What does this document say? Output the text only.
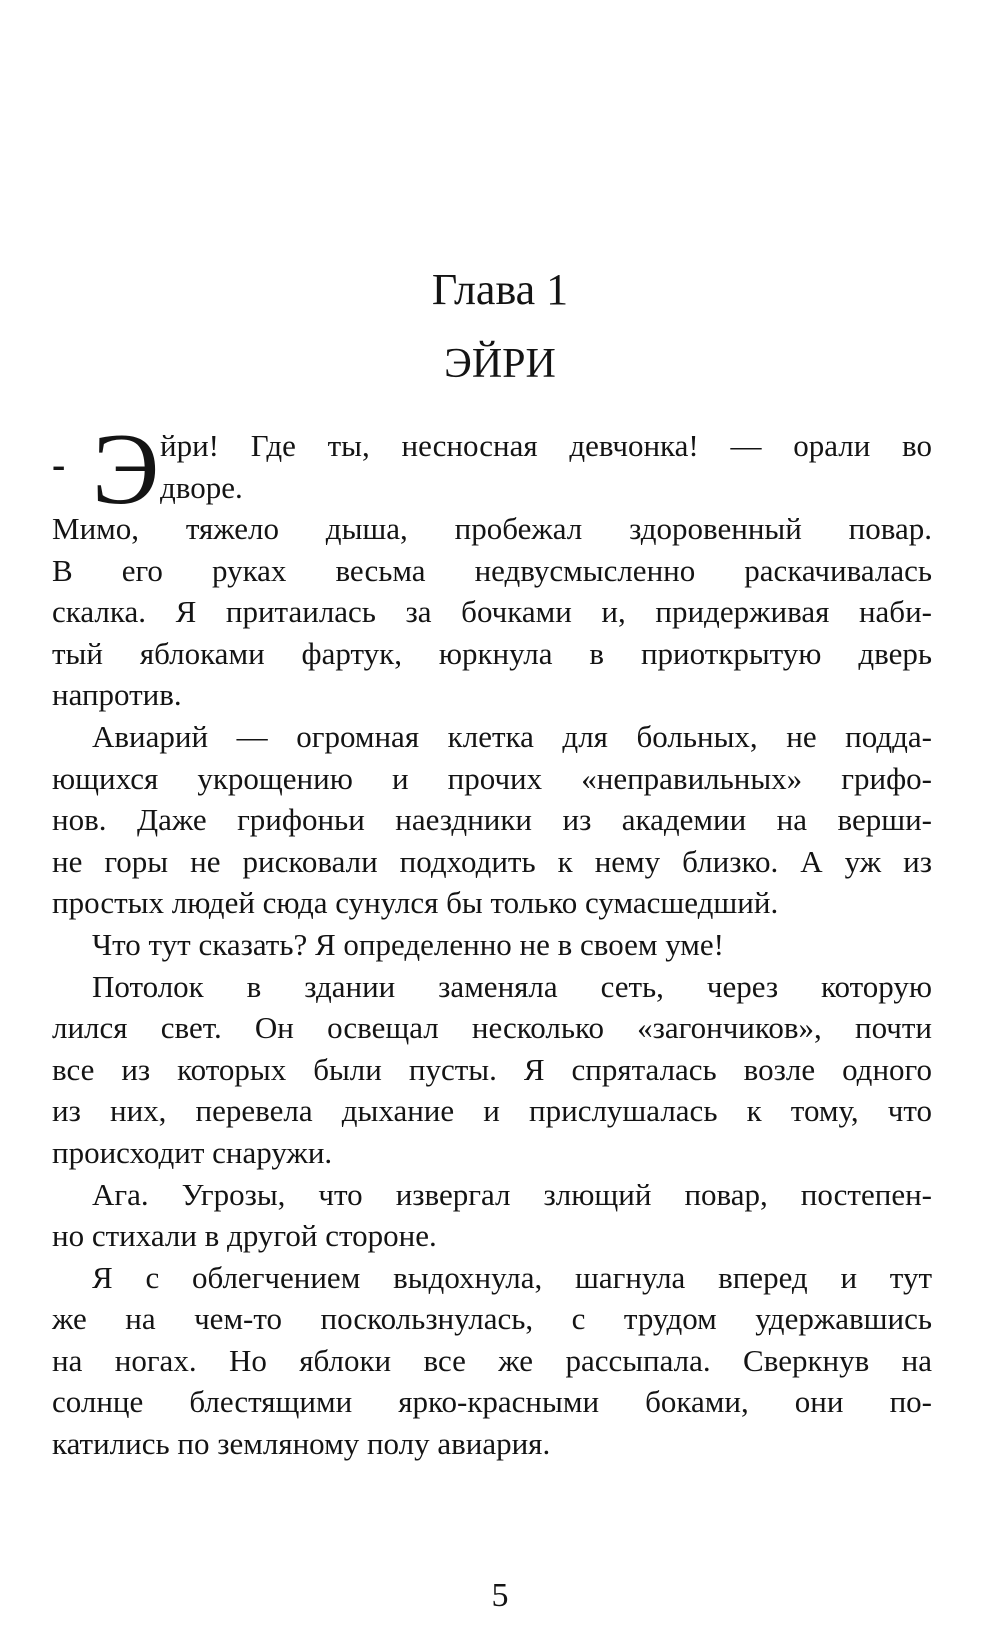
Глава 1
ЭЙРИ
- Э йри! Где ты, несносная девчонка! — орали во
дворе.
Мимо, тяжело дыша, пробежал здоровенный повар.
В его руках весьма недвусмысленно раскачивалась
скалка. Я притаилась за бочками и, придерживая наби-
тый яблоками фартук, юркнула в приоткрытую дверь
напротив.
Авиарий — огромная клетка для больных, не подда-
ющихся укрощению и прочих «неправильных» грифо-
нов. Даже грифоньи наездники из академии на верши-
не горы не рисковали подходить к нему близко. А уж из
простых людей сюда сунулся бы только сумасшедший.
Что тут сказать? Я определенно не в своем уме!
Потолок в здании заменяла сеть, через которую
лился свет. Он освещал несколько «загончиков», почти
все из которых были пусты. Я спряталась возле одного
из них, перевела дыхание и прислушалась к тому, что
происходит снаружи.
Ага. Угрозы, что извергал злющий повар, постепен-
но стихали в другой стороне.
Я с облегчением выдохнула, шагнула вперед и тут
же на чем-то поскользнулась, с трудом удержавшись
на ногах. Но яблоки все же рассыпала. Сверкнув на
солнце блестящими ярко-красными боками, они по-
катились по земляному полу авиария.
5
